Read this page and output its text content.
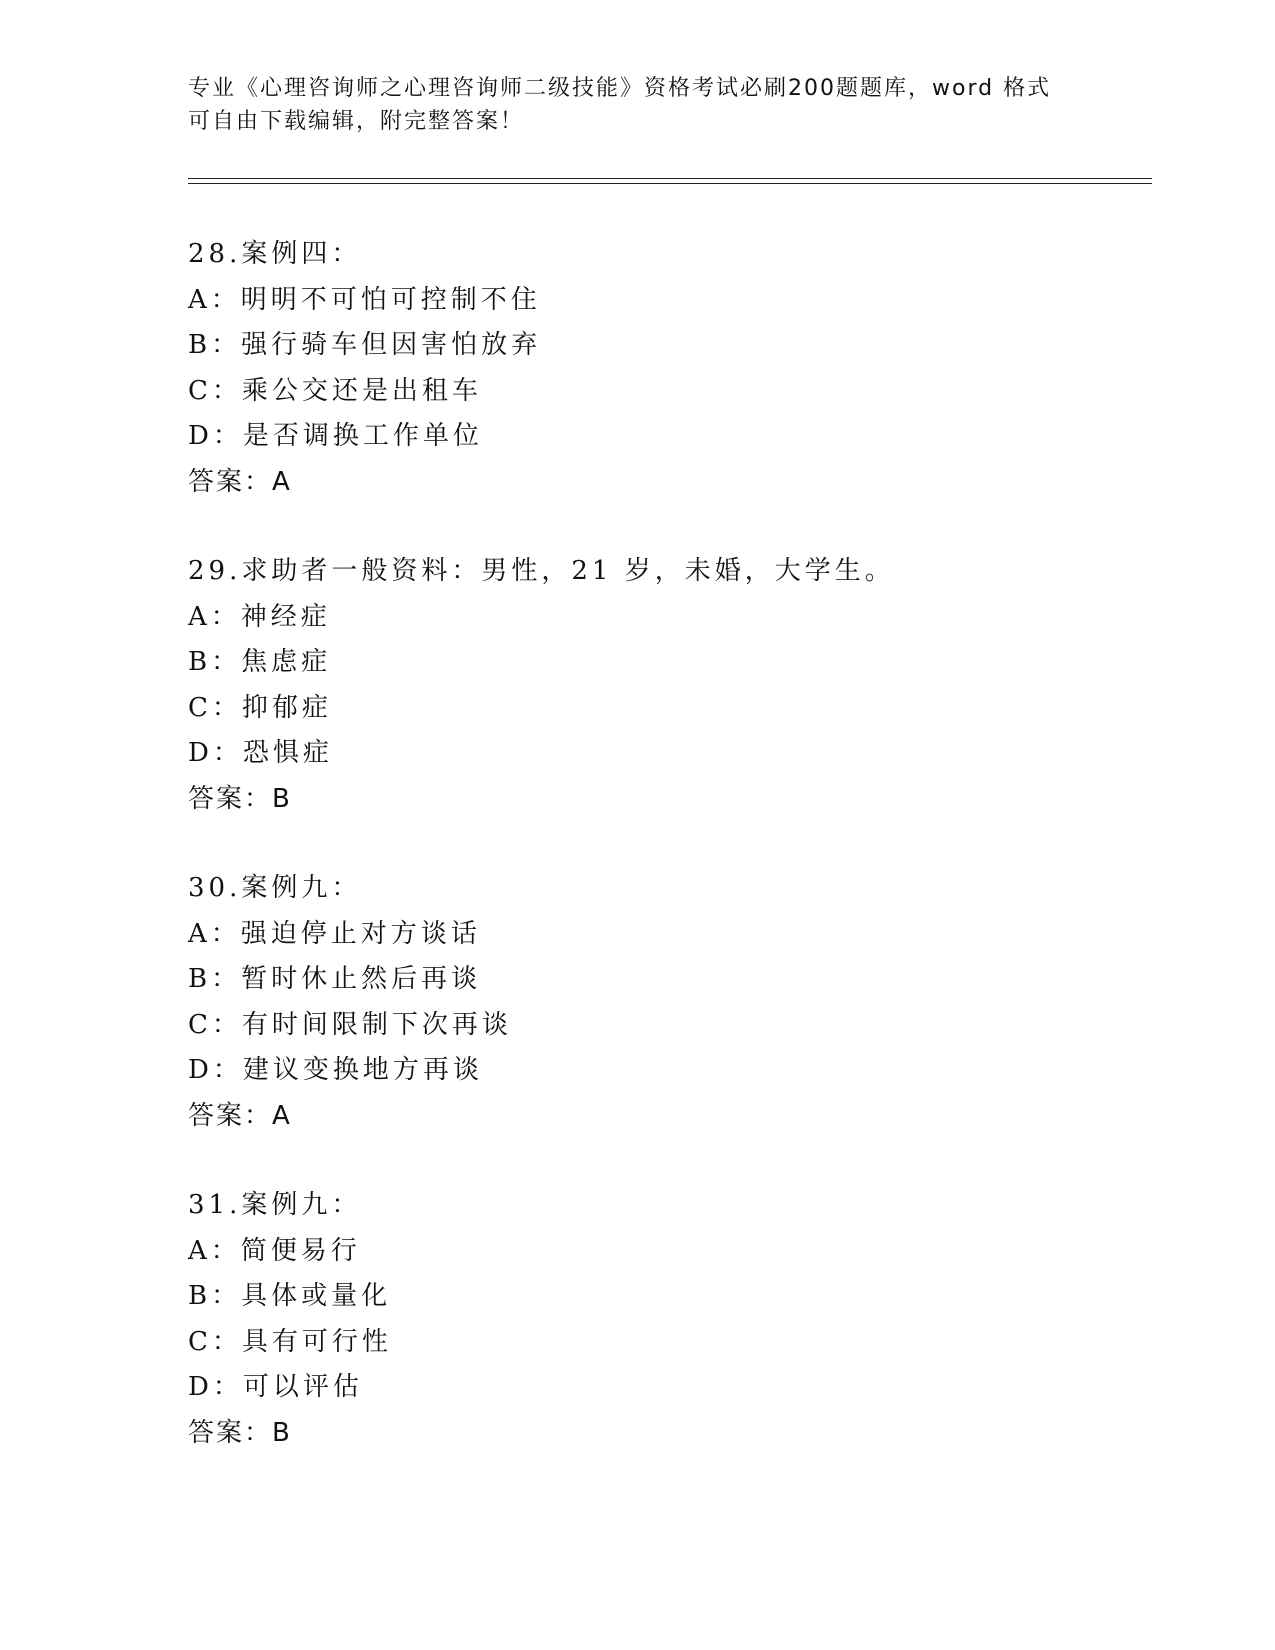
专业《心理咨询师之心理咨询师二级技能》资格考试必刷200题题库，word 格式
可自由下载编辑，附完整答案！
28.案例四：
A：明明不可怕可控制不住
B：强行骑车但因害怕放弃
C：乘公交还是出租车
D：是否调换工作单位
答案：A
29.求助者一般资料：男性，21 岁，未婚，大学生。
A：神经症
B：焦虑症
C：抑郁症
D：恐惧症
答案：B
30.案例九：
A：强迫停止对方谈话
B：暂时休止然后再谈
C：有时间限制下次再谈
D：建议变换地方再谈
答案：A
31.案例九：
A：简便易行
B：具体或量化
C：具有可行性
D：可以评估
答案：B
